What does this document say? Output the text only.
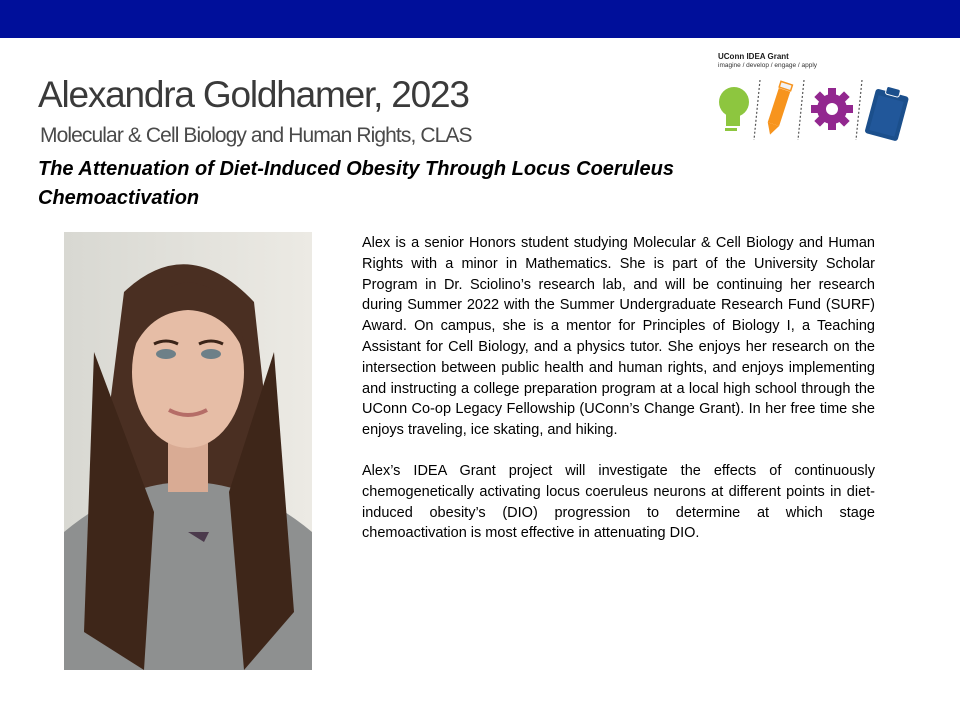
Alexandra Goldhamer, 2023
Molecular & Cell Biology and Human Rights, CLAS
The Attenuation of Diet-Induced Obesity Through Locus Coeruleus Chemoactivation
UConn IDEA Grant
imagine / develop / engage / apply

Alex is a senior Honors student studying Molecular & Cell Biology and Human Rights with a minor in Mathematics. She is part of the University Scholar Program in Dr. Sciolino’s research lab, and will be continuing her research during Summer 2022 with the Summer Undergraduate Research Fund (SURF) Award. On campus, she is a mentor for Principles of Biology I, a Teaching Assistant for Cell Biology, and a physics tutor. She enjoys her research on the intersection between public health and human rights, and enjoys implementing and instructing a college preparation program at a local high school through the UConn Co-op Legacy Fellowship (UConn’s Change Grant). In her free time she enjoys traveling, ice skating, and hiking.

Alex’s IDEA Grant project will investigate the effects of continuously chemogenetically activating locus coeruleus neurons at different points in diet-induced obesity’s (DIO) progression to determine at which stage chemoactivation is most effective in attenuating DIO.
